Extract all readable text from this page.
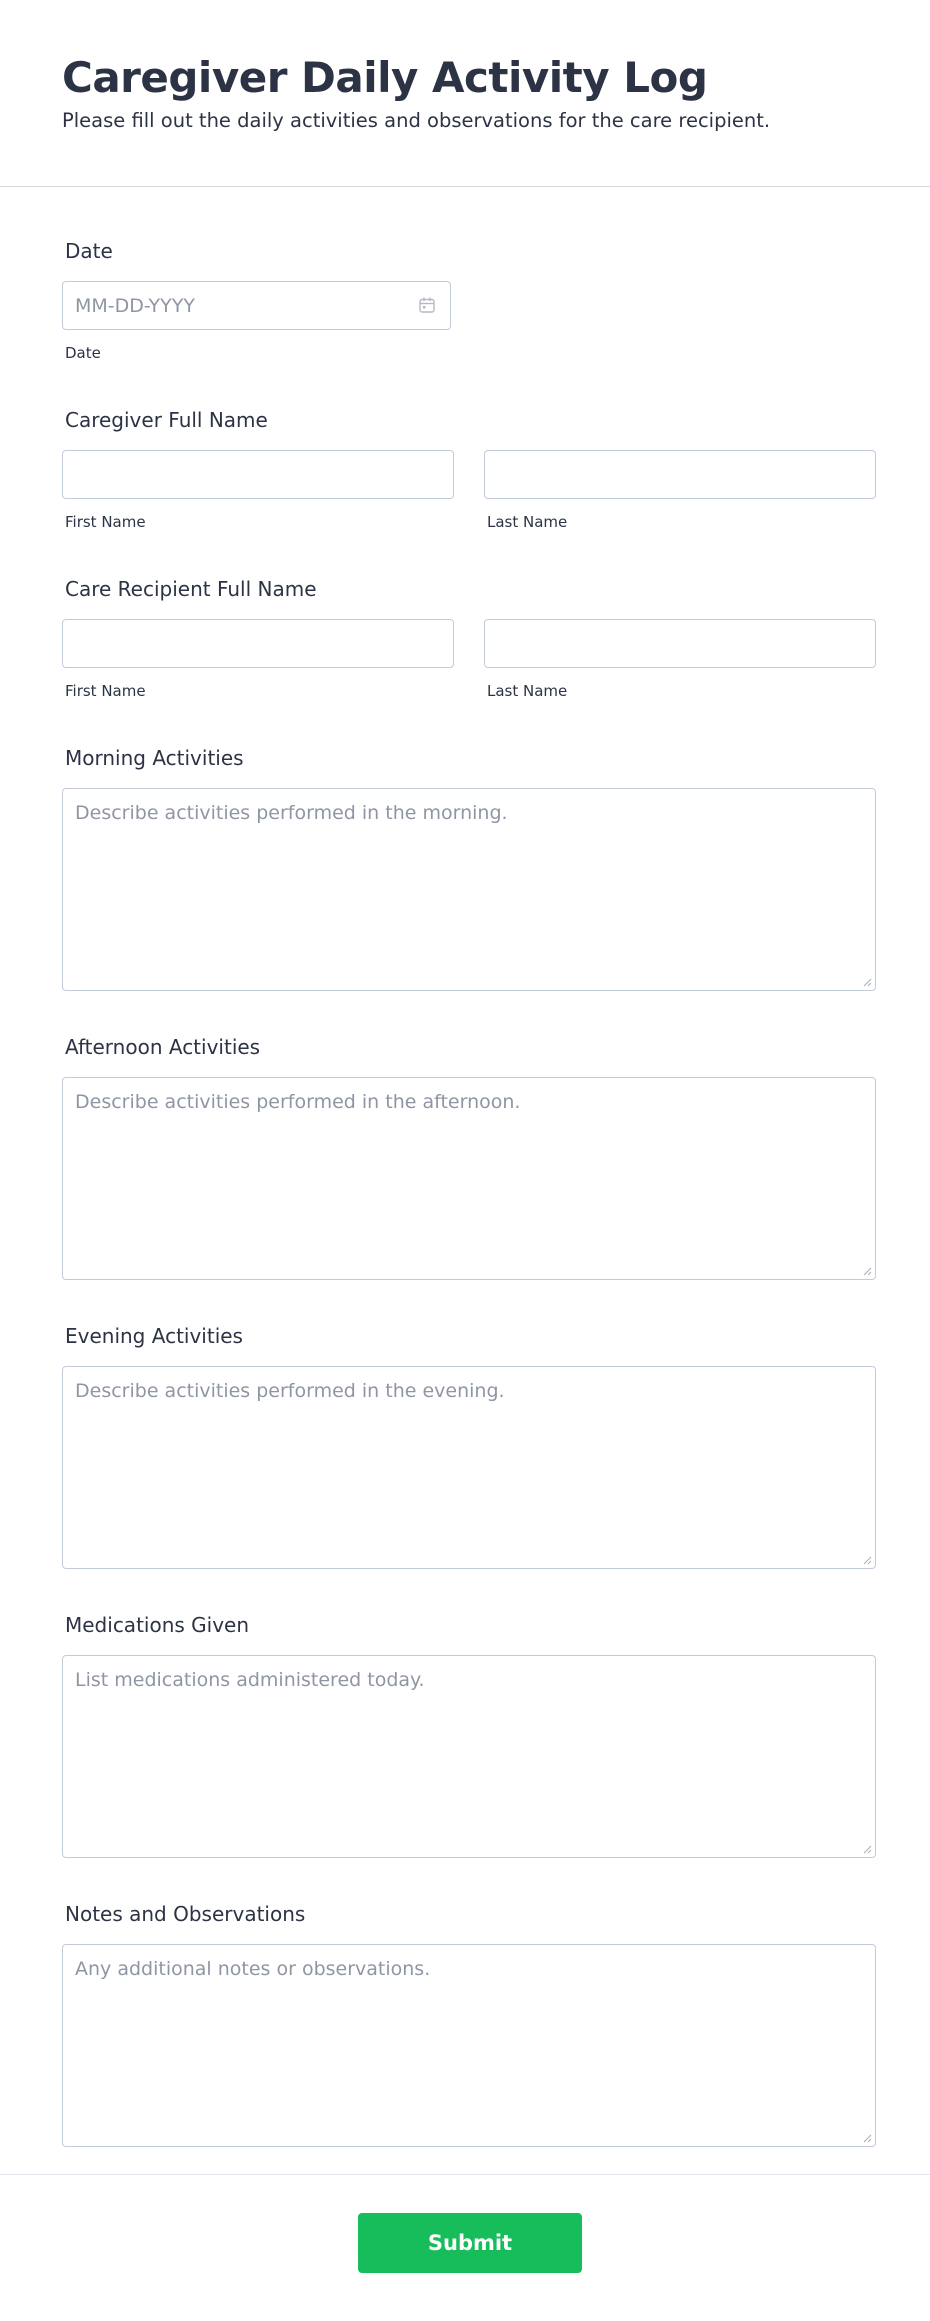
Caregiver Daily Activity Log

Please fill out the daily activities and observations for the care recipient.

Date
MM-DD-YYYY
Date
Caregiver Full Name
First Name	Last Name
Care Recipient Full Name
First Name	Last Name
Morning Activities
Describe activities performed in the morning.
Afternoon Activities
Describe activities performed in the afternoon.
Evening Activities
Describe activities performed in the evening.
Medications Given
List medications administered today.
Notes and Observations
Any additional notes or observations.
Submit
